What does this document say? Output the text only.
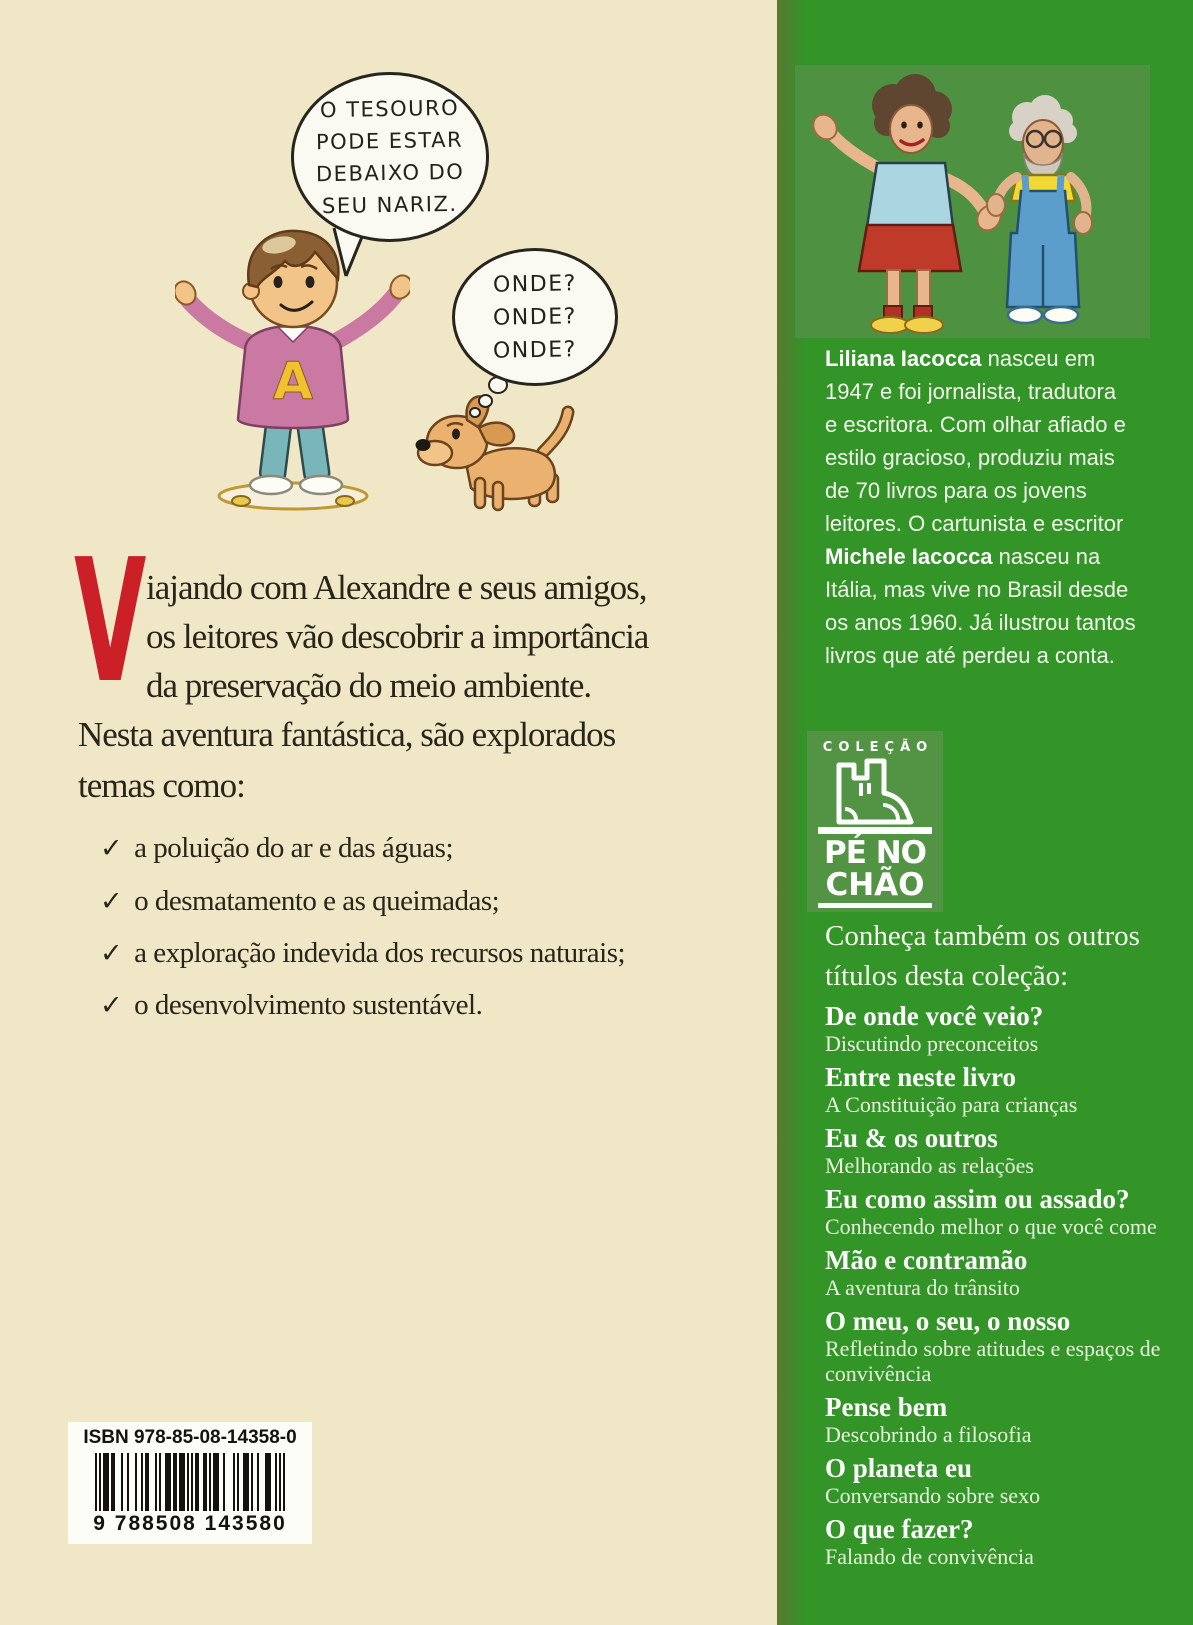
O TESOURO
PODE ESTAR
DEBAIXO DO
SEU NARIZ.
ONDE?
ONDE?
ONDE?
A
V iajando com Alexandre e seus amigos,
os leitores vão descobrir a importância
da preservação do meio ambiente.
Nesta aventura fantástica, são explorados
temas como:
✓ a poluição do ar e das águas;
✓ o desmatamento e as queimadas;
✓ a exploração indevida dos recursos naturais;
✓ o desenvolvimento sustentável.
ISBN 978-85-08-14358-0
9 788508 143580
Liliana Iacocca nasceu em
1947 e foi jornalista, tradutora
e escritora. Com olhar afiado e
estilo gracioso, produziu mais
de 70 livros para os jovens
leitores. O cartunista e escritor
Michele Iacocca nasceu na
Itália, mas vive no Brasil desde
os anos 1960. Já ilustrou tantos
livros que até perdeu a conta.
COLEÇÃO
PÉ NO
CHÃO
Conheça também os outros
títulos desta coleção:
De onde você veio?
Discutindo preconceitos
Entre neste livro
A Constituição para crianças
Eu & os outros
Melhorando as relações
Eu como assim ou assado?
Conhecendo melhor o que você come
Mão e contramão
A aventura do trânsito
O meu, o seu, o nosso
Refletindo sobre atitudes e espaços de convivência
Pense bem
Descobrindo a filosofia
O planeta eu
Conversando sobre sexo
O que fazer?
Falando de convivência
